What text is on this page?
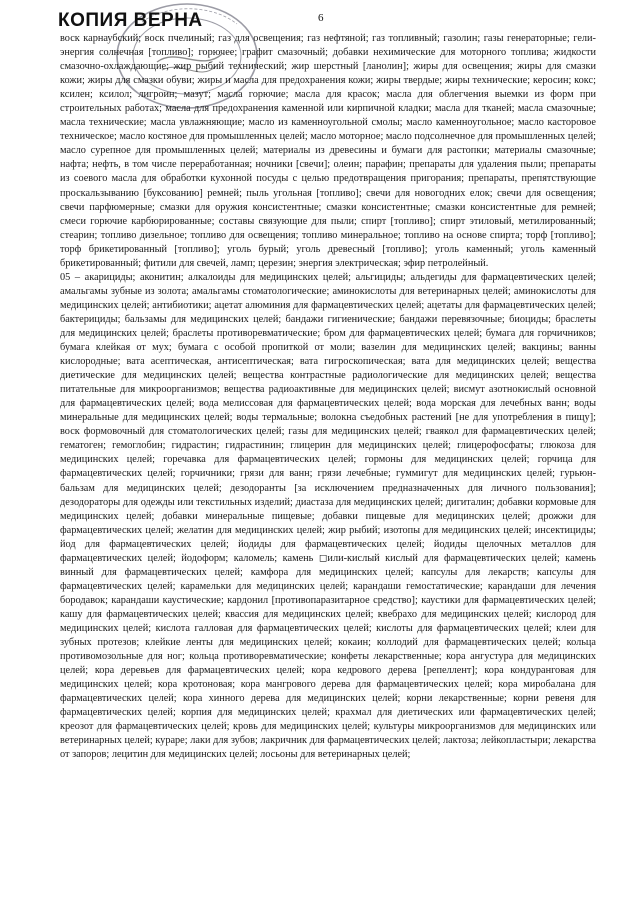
КОПИЯ ВЕРНА	6

воск карнаубский; воск пчелиный; газ для освещения; газ нефтяной; газ топливный; газолин; газы генераторные; гели-энергия солнечная [топливо]; горючее; графит смазочный; добавки нехимические для моторного топлива; жидкости смазочно-охлаждающие; жир рыбий технический; жир шерстный [ланолин]; жиры для освещения; жиры для смазки кожи; жиры для смазки обуви; жиры и масла для предохранения кожи; жиры твердые; жиры технические; керосин; кокс; ксилен; ксилол; лигроин; мазут; масла горючие; масла для красок; масла для облегчения выемки из форм при строительных работах; масла для предохранения каменной или кирпичной кладки; масла для тканей; масла смазочные; масла технические; масла увлажняющие; масло из каменноугольной смолы; масло каменноугольное; масло касторовое техническое; масло костяное для промышленных целей; масло моторное; масло подсолнечное для промышленных целей; масло сурепное для промышленных целей; материалы из древесины и бумаги для растопки; материалы смазочные; нафта; нефть, в том числе переработанная; ночники [свечи]; олеин; парафин; препараты для удаления пыли; препараты из соевого масла для обработки кухонной посуды с целью предотвращения пригорания; препараты, препятствующие проскальзыванию [буксованию] ремней; пыль угольная [топливо]; свечи для новогодних елок; свечи для освещения; свечи парфюмерные; смазки для оружия консистентные; смазки консистентные; смазки консистентные для ремней; смеси горючие карбюрированные; составы связующие для пыли; спирт [топливо]; спирт этиловый, метилированный; стеарин; топливо дизельное; топливо для освещения; топливо минеральное; топливо на основе спирта; торф [топливо]; торф брикетированный [топливо]; уголь бурый; уголь древесный [топливо]; уголь каменный; уголь каменный брикетированный; фитили для свечей, ламп; церезин; энергия электрическая; эфир петролейный.

05 – акарициды; аконитин; алкалоиды для медицинских целей; альгициды; альдегиды для фармацевтических целей; амальгамы зубные из золота; амальгамы стоматологические; аминокислоты для ветеринарных целей; аминокислоты для медицинских целей; антибиотики; ацетат алюминия для фармацевтических целей; ацетаты для фармацевтических целей; бактерициды; бальзамы для медицинских целей; бандажи гигиенические; бандажи перевязочные; биоциды; браслеты для медицинских целей; браслеты противоревматические; бром для фармацевтических целей; бумага для горчичников; бумага клейкая от мух; бумага с особой пропиткой от моли; вазелин для медицинских целей; вакцины; ванны кислородные; вата асептическая, антисептическая; вата гигроскопическая; вата для медицинских целей; вещества диетические для медицинских целей; вещества контрастные радиологические для медицинских целей; вещества питательные для микроорганизмов; вещества радиоактивные для медицинских целей; висмут азотнокислый основной для фармацевтических целей; вода мелиссовая для фармацевтических целей; вода морская для лечебных ванн; воды минеральные для медицинских целей; воды термальные; волокна съедобных растений [не для употребления в пищу]; воск формовочный для стоматологических целей; газы для медицинских целей; гваякол для фармацевтических целей; гематоген; гемоглобин; гидрастин; гидрастинин; глицерин для медицинских целей; глицерофосфаты; глюкоза для медицинских целей; горечавка для фармацевтических целей; гормоны для медицинских целей; горчица для фармацевтических целей; горчичники; грязи для ванн; грязи лечебные; гуммигут для медицинских целей; гурьюн-бальзам для медицинских целей; дезодоранты [за исключением предназначенных для личного пользования]; дезодораторы для одежды или текстильных изделий; диастаза для медицинских целей; дигиталин; добавки кормовые для медицинских целей; добавки минеральные пищевые; добавки пищевые для медицинских целей; дрожжи для фармацевтических целей; желатин для медицинских целей; жир рыбий; изотопы для медицинских целей; инсектициды; йод для фармацевтических целей; йодиды для фармацевтических целей; йодиды щелочных металлов для фармацевтических целей; йодоформ; каломель; камень ◻или-кислый кислый для фармацевтических целей; камень винный для фармацевтических целей; камфора для медицинских целей; капсулы для лекарств; капсулы для фармацевтических целей; карамельки для медицинских целей; карандаши гемостатические; карандаши для лечения бородавок; карандаши каустические; кардонил [противопаразитарное средство]; каустики для фармацевтических целей; кашу для фармацевтических целей; квассия для медицинских целей; квебрахо для медицинских целей; кислород для медицинских целей; кислота галловая для фармацевтических целей; кислоты для фармацевтических целей; клеи для зубных протезов; клейкие ленты для медицинских целей; кокаин; коллодий для фармацевтических целей; кольца противомозольные для ног; кольца противоревматические; конфеты лекарственные; кора ангустура для медицинских целей; кора деревьев для фармацевтических целей; кора кедрового дерева [репеллент]; кора кондуранговая для медицинских целей; кора кротоновая; кора мангрового дерева для фармацевтических целей; кора миробалана для фармацевтических целей; кора хинного дерева для медицинских целей; корни лекарственные; корни ревеня для фармацевтических целей; корпия для медицинских целей; крахмал для диетических или фармацевтических целей; креозот для фармацевтических целей; кровь для медицинских целей; культуры микроорганизмов для медицинских или ветеринарных целей; кураре; лаки для зубов; лакричник для фармацевтических целей; лактоза; лейкопластыри; лекарства от запоров; лецитин для медицинских целей; лосьоны для ветеринарных целей;
